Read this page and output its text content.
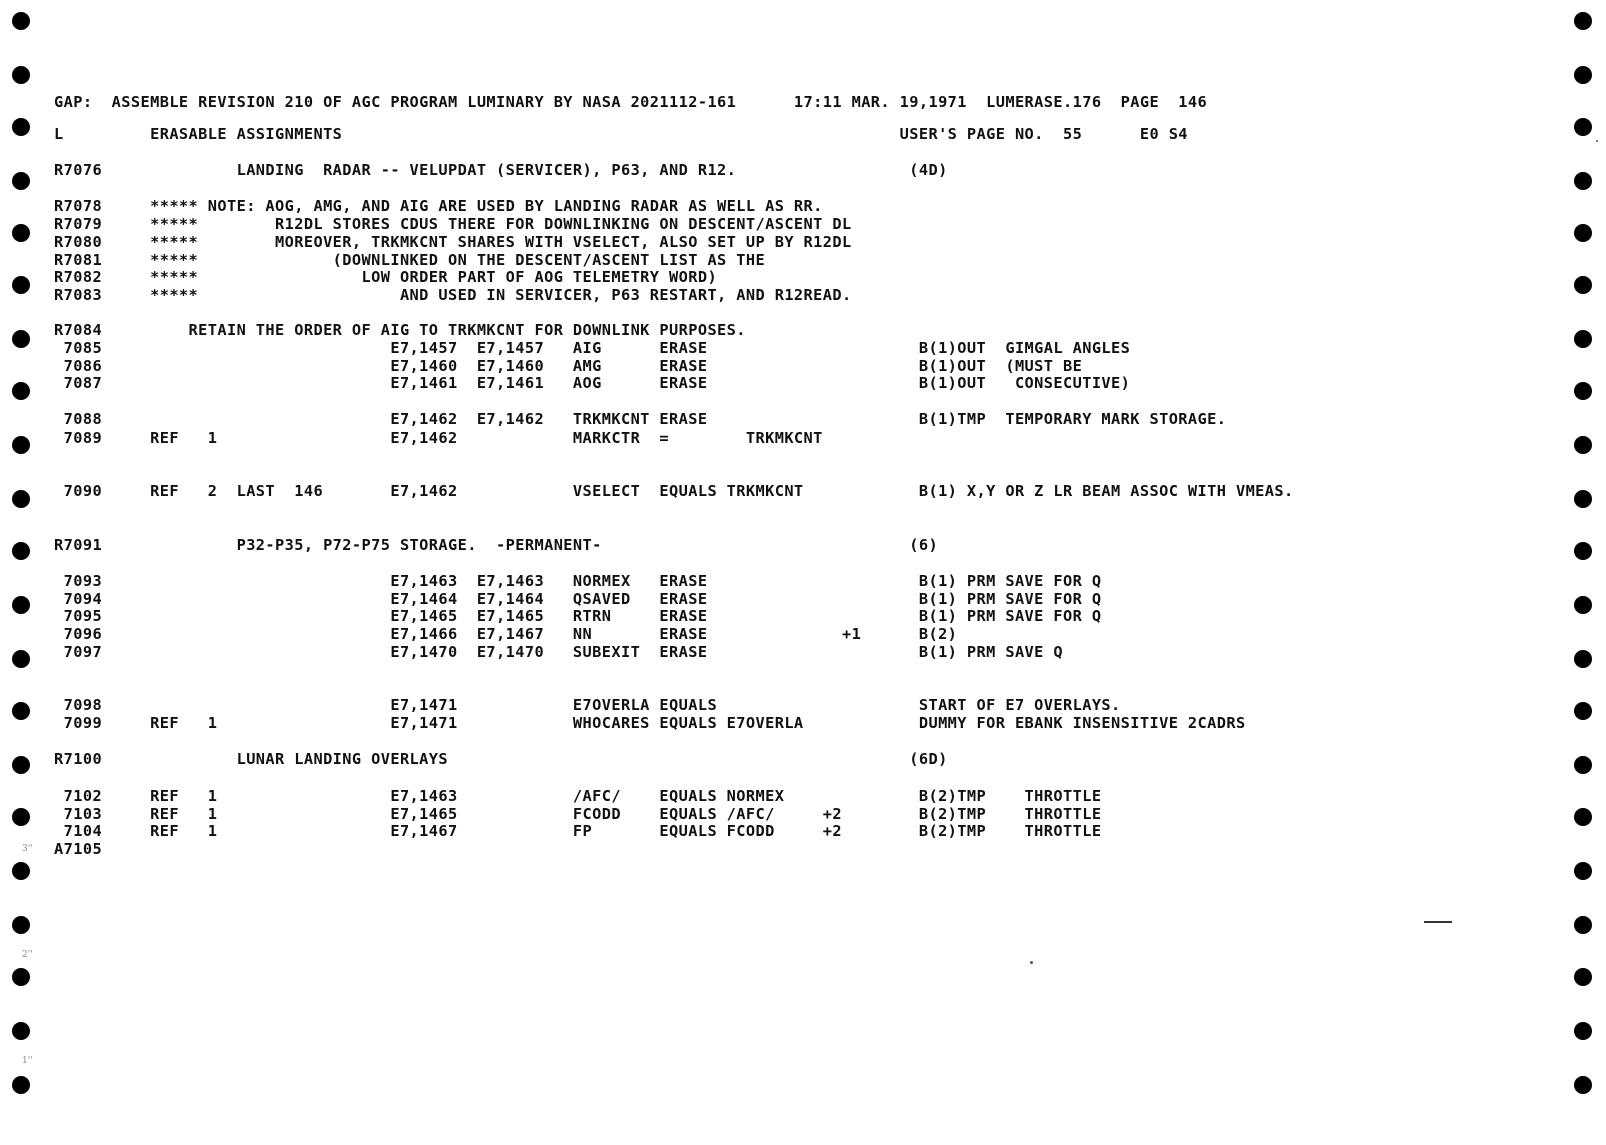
GAP:  ASSEMBLE REVISION 210 OF AGC PROGRAM LUMINARY BY NASA 2021112-161      17:11 MAR. 19,1971  LUMERASE.176  PAGE  146
L         ERASABLE ASSIGNMENTS                                                          USER'S PAGE NO.  55      E0 S4
R7076              LANDING  RADAR -- VELUPDAT (SERVICER), P63, AND R12.                  (4D)
R7078     ***** NOTE: AOG, AMG, AND AIG ARE USED BY LANDING RADAR AS WELL AS RR.
R7079     *****        R12DL STORES CDUS THERE FOR DOWNLINKING ON DESCENT/ASCENT DL
R7080     *****        MOREOVER, TRKMKCNT SHARES WITH VSELECT, ALSO SET UP BY R12DL
R7081     *****              (DOWNLINKED ON THE DESCENT/ASCENT LIST AS THE
R7082     *****                 LOW ORDER PART OF AOG TELEMETRY WORD)
R7083     *****                     AND USED IN SERVICER, P63 RESTART, AND R12READ.
R7084         RETAIN THE ORDER OF AIG TO TRKMKCNT FOR DOWNLINK PURPOSES.
7085                              E7,1457  E7,1457   AIG      ERASE                      B(1)OUT  GIMGAL ANGLES
7086                              E7,1460  E7,1460   AMG      ERASE                      B(1)OUT  (MUST BE
7087                              E7,1461  E7,1461   AOG      ERASE                      B(1)OUT   CONSECUTIVE)
7088                              E7,1462  E7,1462   TRKMKCNT ERASE                      B(1)TMP  TEMPORARY MARK STORAGE.
7089     REF   1                  E7,1462            MARKCTR  =        TRKMKCNT
7090     REF   2  LAST  146       E7,1462            VSELECT  EQUALS TRKMKCNT            B(1) X,Y OR Z LR BEAM ASSOC WITH VMEAS.
R7091              P32-P35, P72-P75 STORAGE.  -PERMANENT-                                (6)
7093                              E7,1463  E7,1463   NORMEX   ERASE                      B(1) PRM SAVE FOR Q
7094                              E7,1464  E7,1464   QSAVED   ERASE                      B(1) PRM SAVE FOR Q
7095                              E7,1465  E7,1465   RTRN     ERASE                      B(1) PRM SAVE FOR Q
7096                              E7,1466  E7,1467   NN       ERASE              +1      B(2)
7097                              E7,1470  E7,1470   SUBEXIT  ERASE                      B(1) PRM SAVE Q
7098                              E7,1471            E7OVERLA EQUALS                     START OF E7 OVERLAYS.
7099     REF   1                  E7,1471            WHOCARES EQUALS E7OVERLA            DUMMY FOR EBANK INSENSITIVE 2CADRS
R7100              LUNAR LANDING OVERLAYS                                                (6D)
7102     REF   1                  E7,1463            /AFC/    EQUALS NORMEX              B(2)TMP    THROTTLE
7103     REF   1                  E7,1465            FCODD    EQUALS /AFC/     +2        B(2)TMP    THROTTLE
7104     REF   1                  E7,1467            FP       EQUALS FCODD     +2        B(2)TMP    THROTTLE
A7105
3''
2''
1''
